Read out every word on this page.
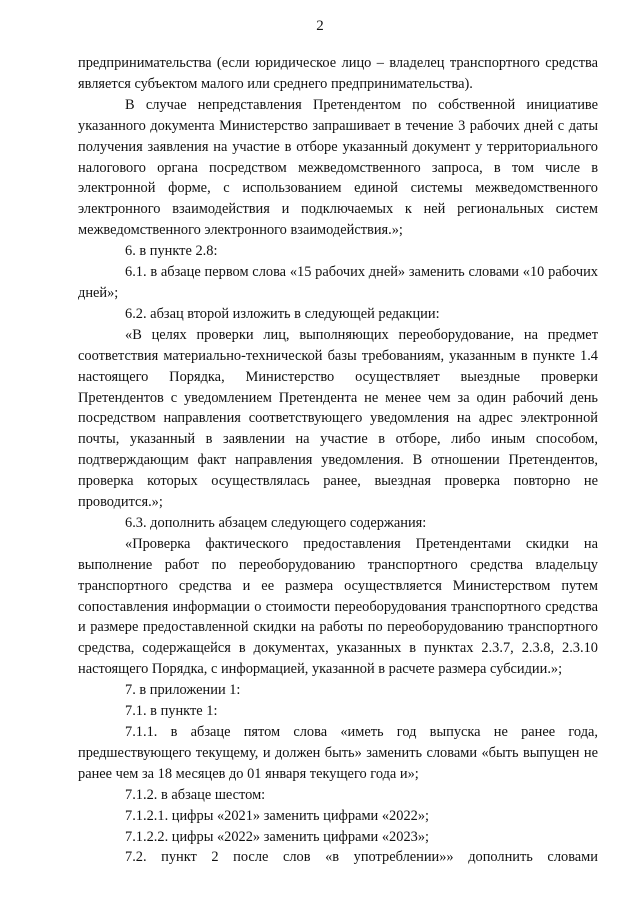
2

предпринимательства (если юридическое лицо – владелец транспортного средства является субъектом малого или среднего предпринимательства).

В случае непредставления Претендентом по собственной инициативе указанного документа Министерство запрашивает в течение 3 рабочих дней с даты получения заявления на участие в отборе указанный документ у территориального налогового органа посредством межведомственного запроса, в том числе в электронной форме, с использованием единой системы межведомственного электронного взаимодействия и подключаемых к ней региональных систем межведомственного электронного взаимодействия.»;

6. в пункте 2.8:

6.1. в абзаце первом слова «15 рабочих дней» заменить словами «10 рабочих дней»;

6.2. абзац второй изложить в следующей редакции:

«В целях проверки лиц, выполняющих переоборудование, на предмет соответствия материально-технической базы требованиям, указанным в пункте 1.4 настоящего Порядка, Министерство осуществляет выездные проверки Претендентов с уведомлением Претендента не менее чем за один рабочий день посредством направления соответствующего уведомления на адрес электронной почты, указанный в заявлении на участие в отборе, либо иным способом, подтверждающим факт направления уведомления. В отношении Претендентов, проверка которых осуществлялась ранее, выездная проверка повторно не проводится.»;

6.3. дополнить абзацем следующего содержания:

«Проверка фактического предоставления Претендентами скидки на выполнение работ по переоборудованию транспортного средства владельцу транспортного средства и ее размера осуществляется Министерством путем сопоставления информации о стоимости переоборудования транспортного средства и размере предоставленной скидки на работы по переоборудованию транспортного средства, содержащейся в документах, указанных в пунктах 2.3.7, 2.3.8, 2.3.10 настоящего Порядка, с информацией, указанной в расчете размера субсидии.»;

7. в приложении 1:

7.1. в пункте 1:

7.1.1. в абзаце пятом слова «иметь год выпуска не ранее года, предшествующего текущему, и должен быть» заменить словами «быть выпущен не ранее чем за 18 месяцев до 01 января текущего года и»;

7.1.2. в абзаце шестом:

7.1.2.1. цифры «2021» заменить цифрами «2022»;

7.1.2.2. цифры «2022» заменить цифрами «2023»;

7.2. пункт 2 после слов «в употреблении»» дополнить словами
